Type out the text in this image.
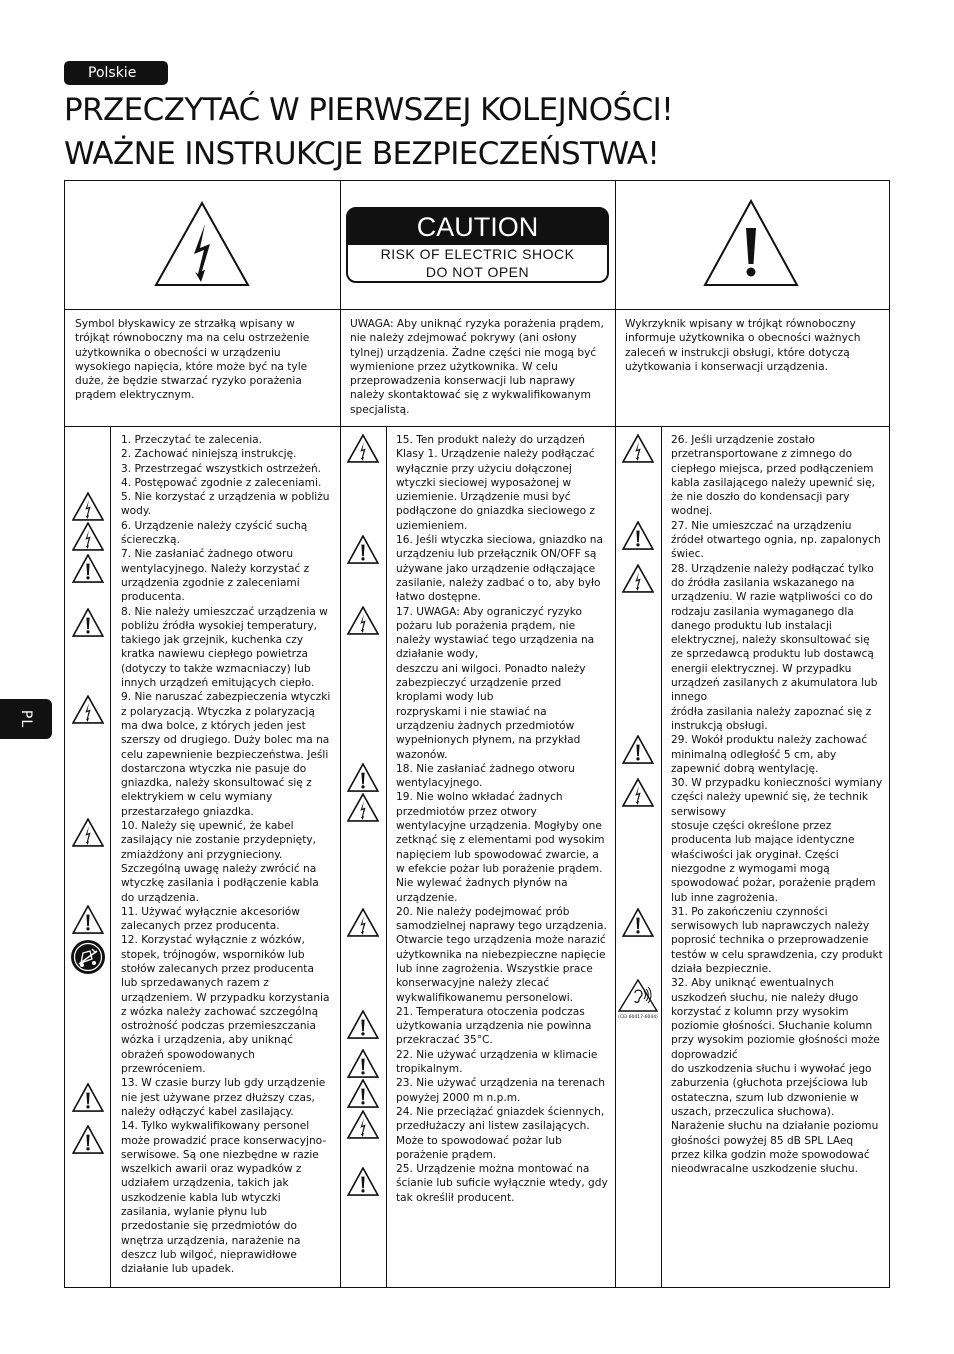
Polskie
PRZECZYTAĆ W PIERWSZEJ KOLEJNOŚCI!
WAŻNE INSTRUKCJE BEZPIECZEŃSTWA!
PL
CAUTION
RISK OF ELECTRIC SHOCK
DO NOT OPEN
Symbol błyskawicy ze strzałką wpisany w trójkąt równoboczny ma na celu ostrzeżenie użytkownika o obecności w urządzeniu wysokiego napięcia, które może być na tyle duże, że będzie stwarzać ryzyko porażenia prądem elektrycznym.
UWAGA: Aby uniknąć ryzyka porażenia prądem, nie należy zdejmować pokrywy (ani osłony tylnej) urządzenia. Żadne części nie mogą być wymienione przez użytkownika. W celu przeprowadzenia konserwacji lub naprawy należy skontaktować się z wykwalifikowanym specjalistą.
Wykrzyknik wpisany w trójkąt równoboczny informuje użytkownika o obecności ważnych zaleceń w instrukcji obsługi, które dotyczą użytkowania i konserwacji urządzenia.
1. Przeczytać te zalecenia.
2. Zachować niniejszą instrukcję.
3. Przestrzegać wszystkich ostrzeżeń.
4. Postępować zgodnie z zaleceniami.
5. Nie korzystać z urządzenia w pobliżu wody.
6. Urządzenie należy czyścić suchą ściereczką.
7. Nie zasłaniać żadnego otworu wentylacyjnego. Należy korzystać z urządzenia zgodnie z zaleceniami producenta.
8. Nie należy umieszczać urządzenia w pobliżu źródła wysokiej temperatury, takiego jak grzejnik, kuchenka czy kratka nawiewu ciepłego powietrza (dotyczy to także wzmacniaczy) lub innych urządzeń emitujących ciepło.
9. Nie naruszać zabezpieczenia wtyczki z polaryzacją. Wtyczka z polaryzacją ma dwa bolce, z których jeden jest szerszy od drugiego. Duży bolec ma na celu zapewnienie bezpieczeństwa. Jeśli dostarczona wtyczka nie pasuje do gniazdka, należy skonsultować się z elektrykiem w celu wymiany przestarzałego gniazdka.
10. Należy się upewnić, że kabel zasilający nie zostanie przydepnięty, zmiażdżony ani przygnieciony. Szczególną uwagę należy zwrócić na wtyczkę zasilania i podłączenie kabla do urządzenia.
11. Używać wyłącznie akcesoriów zalecanych przez producenta.
12. Korzystać wyłącznie z wózków, stopek, trójnogów, wsporników lub stołów zalecanych przez producenta lub sprzedawanych razem z urządzeniem. W przypadku korzystania z wózka należy zachować szczególną ostrożność podczas przemieszczania wózka i urządzenia, aby uniknąć obrażeń spowodowanych przewróceniem.
13. W czasie burzy lub gdy urządzenie nie jest używane przez dłuższy czas, należy odłączyć kabel zasilający.
14. Tylko wykwalifikowany personel może prowadzić prace konserwacyjno-serwisowe. Są one niezbędne w razie wszelkich awarii oraz wypadków z udziałem urządzenia, takich jak uszkodzenie kabla lub wtyczki zasilania, wylanie płynu lub przedostanie się przedmiotów do wnętrza urządzenia, narażenie na deszcz lub wilgoć, nieprawidłowe działanie lub upadek.
15. Ten produkt należy do urządzeń Klasy 1. Urządzenie należy podłączać wyłącznie przy użyciu dołączonej wtyczki sieciowej wyposażonej w uziemienie. Urządzenie musi być podłączone do gniazdka sieciowego z uziemieniem.
16. Jeśli wtyczka sieciowa, gniazdko na urządzeniu lub przełącznik ON/OFF są używane jako urządzenie odłączające zasilanie, należy zadbać o to, aby było łatwo dostępne.
17. UWAGA: Aby ograniczyć ryzyko pożaru lub porażenia prądem, nie należy wystawiać tego urządzenia na działanie wody,
deszczu ani wilgoci. Ponadto należy zabezpieczyć urządzenie przed kroplami wody lub
rozpryskami i nie stawiać na urządzeniu żadnych przedmiotów wypełnionych płynem, na przykład wazonów.
18. Nie zasłaniać żadnego otworu wentylacyjnego.
19. Nie wolno wkładać żadnych przedmiotów przez otwory wentylacyjne urządzenia. Mogłyby one zetknąć się z elementami pod wysokim napięciem lub spowodować zwarcie, a w efekcie pożar lub porażenie prądem. Nie wylewać żadnych płynów na urządzenie.
20. Nie należy podejmować prób samodzielnej naprawy tego urządzenia. Otwarcie tego urządzenia może narazić użytkownika na niebezpieczne napięcie lub inne zagrożenia. Wszystkie prace konserwacyjne należy zlecać wykwalifikowanemu personelowi.
21. Temperatura otoczenia podczas użytkowania urządzenia nie powinna przekraczać 35°C.
22. Nie używać urządzenia w klimacie tropikalnym.
23. Nie używać urządzenia na terenach powyżej 2000 m n.p.m.
24. Nie przeciążać gniazdek ściennych, przedłużaczy ani listew zasilających. Może to spowodować pożar lub porażenie prądem.
25. Urządzenie można montować na ścianie lub suficie wyłącznie wtedy, gdy tak określił producent.
26. Jeśli urządzenie zostało przetransportowane z zimnego do ciepłego miejsca, przed podłączeniem kabla zasilającego należy upewnić się, że nie doszło do kondensacji pary wodnej.
27. Nie umieszczać na urządzeniu źródeł otwartego ognia, np. zapalonych świec.
28. Urządzenie należy podłączać tylko do źródła zasilania wskazanego na urządzeniu. W razie wątpliwości co do rodzaju zasilania wymaganego dla danego produktu lub instalacji elektrycznej, należy skonsultować się ze sprzedawcą produktu lub dostawcą energii elektrycznej. W przypadku urządzeń zasilanych z akumulatora lub innego
źródła zasilania należy zapoznać się z instrukcją obsługi.
29. Wokół produktu należy zachować minimalną odległość 5 cm, aby zapewnić dobrą wentylację.
30. W przypadku konieczności wymiany części należy upewnić się, że technik serwisowy
stosuje części określone przez producenta lub mające identyczne właściwości jak oryginał. Części niezgodne z wymogami mogą spowodować pożar, porażenie prądem lub inne zagrożenia.
31. Po zakończeniu czynności serwisowych lub naprawczych należy poprosić technika o przeprowadzenie testów w celu sprawdzenia, czy produkt działa bezpiecznie.
32. Aby uniknąć ewentualnych uszkodzeń słuchu, nie należy długo korzystać z kolumn przy wysokim poziomie głośności. Słuchanie kolumn przy wysokim poziomie głośności może doprowadzić
do uszkodzenia słuchu i wywołać jego zaburzenia (głuchota przejściowa lub ostateczna, szum lub dzwonienie w uszach, przeczulica słuchowa). Narażenie słuchu na działanie poziomu głośności powyżej 85 dB SPL LAeq przez kilka godzin może spowodować nieodwracalne uszkodzenie słuchu.
(CEI 60417-6044)
